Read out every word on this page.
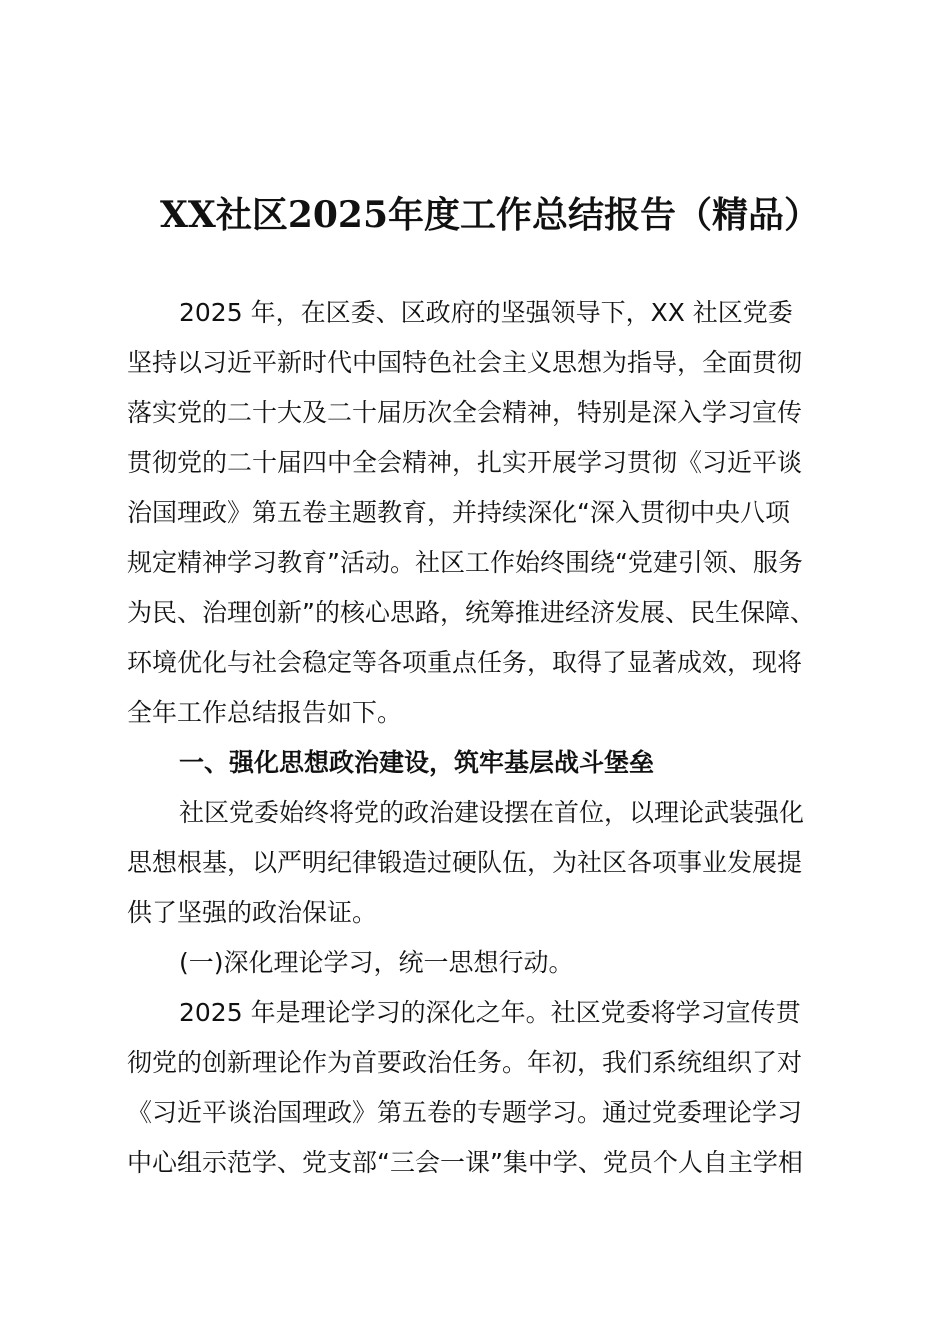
XX社区2025年度工作总结报告（精品）

2025 年，在区委、区政府的坚强领导下，XX 社区党委
坚持以习近平新时代中国特色社会主义思想为指导，全面贯彻
落实党的二十大及二十届历次全会精神，特别是深入学习宣传
贯彻党的二十届四中全会精神，扎实开展学习贯彻《习近平谈
治国理政》第五卷主题教育，并持续深化“深入贯彻中央八项
规定精神学习教育”活动。社区工作始终围绕“党建引领、服务
为民、治理创新”的核心思路，统筹推进经济发展、民生保障、
环境优化与社会稳定等各项重点任务，取得了显著成效，现将
全年工作总结报告如下。

一、强化思想政治建设，筑牢基层战斗堡垒

社区党委始终将党的政治建设摆在首位，以理论武装强化
思想根基，以严明纪律锻造过硬队伍，为社区各项事业发展提
供了坚强的政治保证。

(一)深化理论学习，统一思想行动。

2025 年是理论学习的深化之年。社区党委将学习宣传贯
彻党的创新理论作为首要政治任务。年初，我们系统组织了对
《习近平谈治国理政》第五卷的专题学习。通过党委理论学习
中心组示范学、党支部“三会一课”集中学、党员个人自主学相
